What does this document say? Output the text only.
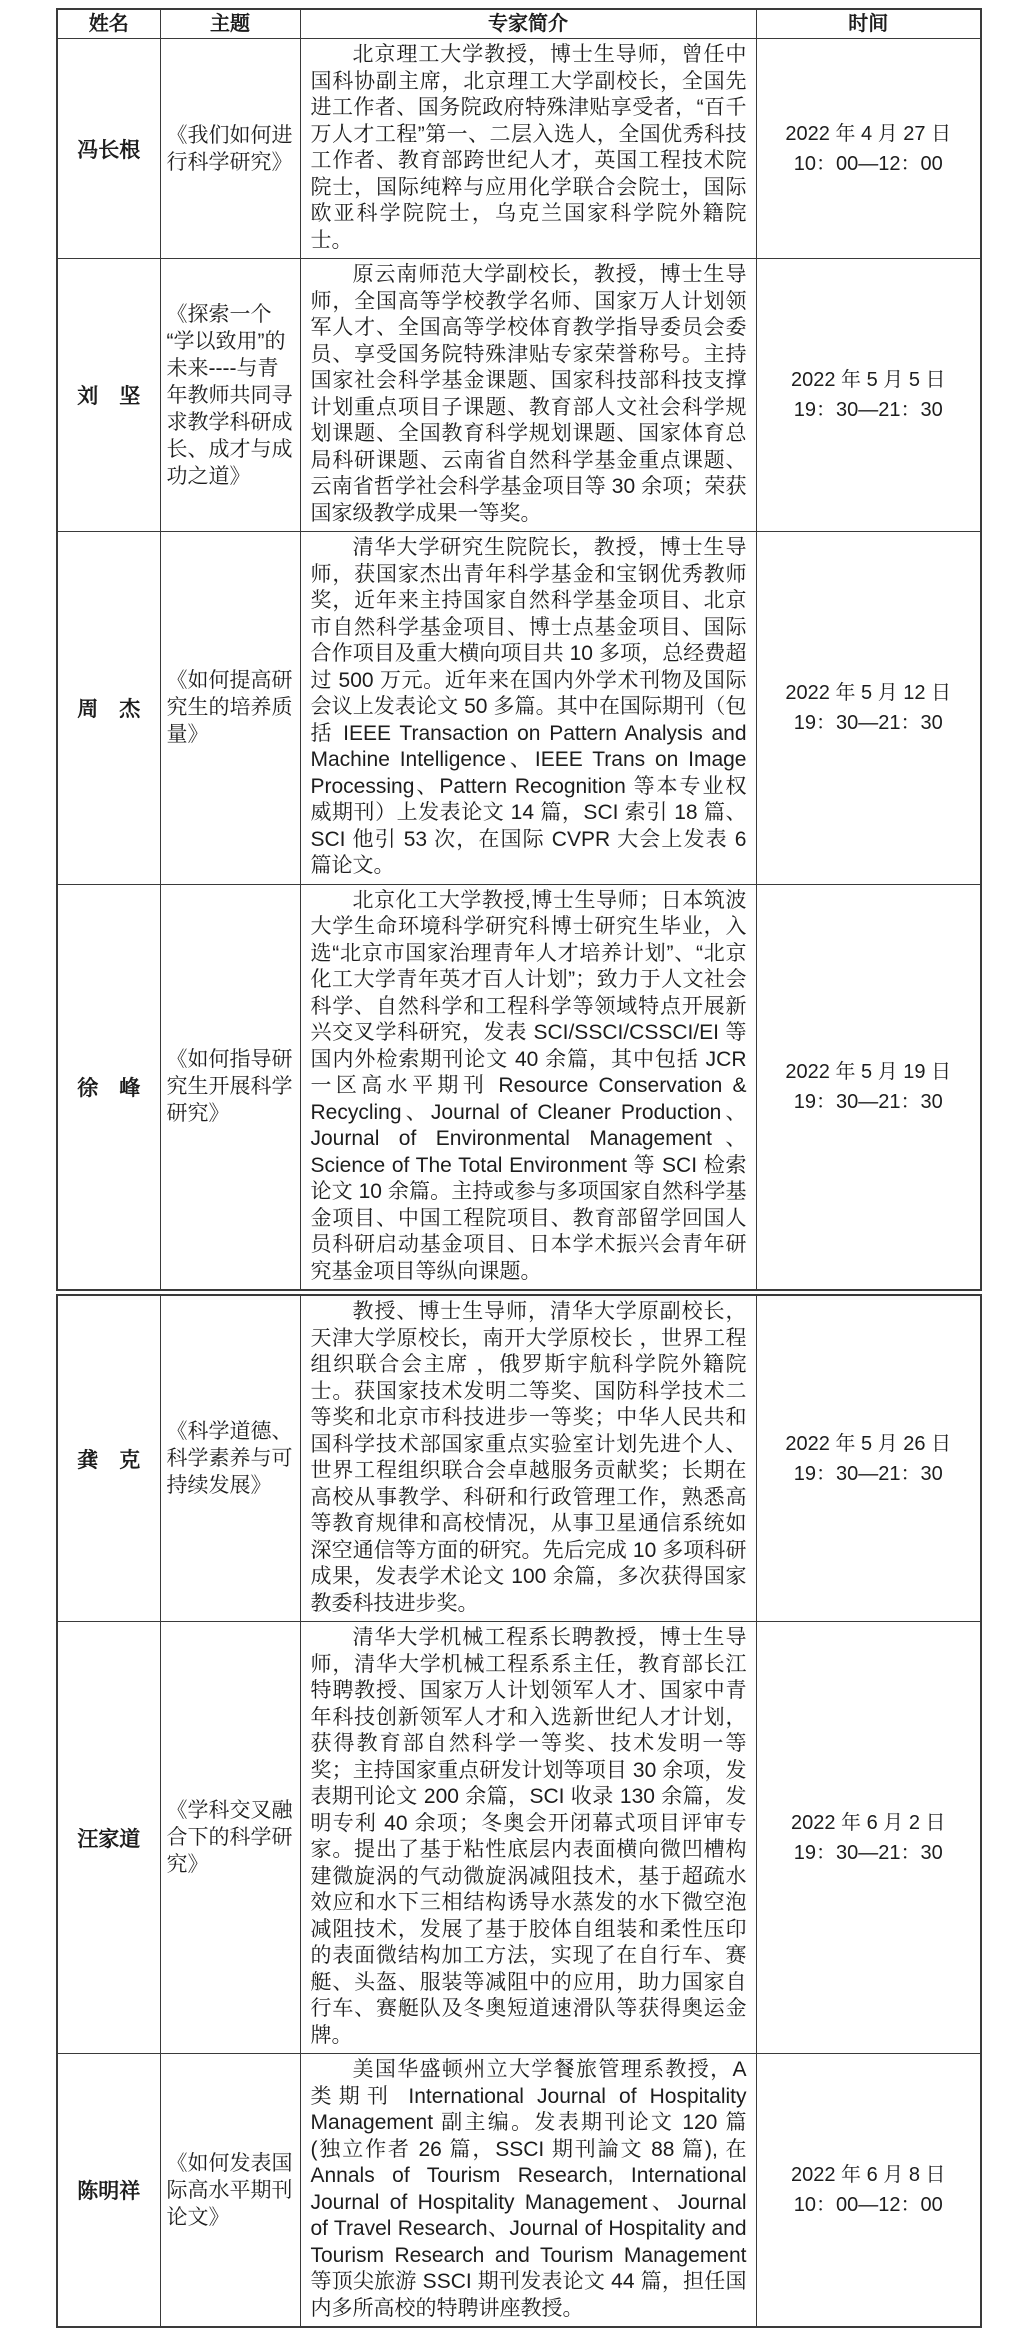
姓名	主题	专家简介	时间
冯长根	《我们如何进行科学研究》	北京理工大学教授，博士生导师，曾任中国科协副主席，北京理工大学副校长，全国先进工作者、国务院政府特殊津贴享受者，“百千万人才工程”第一、二层入选人，全国优秀科技工作者、教育部跨世纪人才，英国工程技术院院士，国际纯粹与应用化学联合会院士，国际欧亚科学院院士，乌克兰国家科学院外籍院士。	2022 年 4 月 27 日
10：00—12：00

刘　坚	《探索一个“学以致用”的未来----与青年教师共同寻求教学科研成长、成才与成功之道》	原云南师范大学副校长，教授，博士生导师，全国高等学校教学名师、国家万人计划领军人才、全国高等学校体育教学指导委员会委员、享受国务院特殊津贴专家荣誉称号。主持国家社会科学基金课题、国家科技部科技支撑计划重点项目子课题、教育部人文社会科学规划课题、全国教育科学规划课题、国家体育总局科研课题、云南省自然科学基金重点课题、云南省哲学社会科学基金项目等 30 余项；荣获国家级教学成果一等奖。	2022 年 5 月 5 日
19：30—21：30

周　杰	《如何提高研究生的培养质量》	清华大学研究生院院长，教授，博士生导师，获国家杰出青年科学基金和宝钢优秀教师奖，近年来主持国家自然科学基金项目、北京市自然科学基金项目、博士点基金项目、国际合作项目及重大横向项目共 10 多项，总经费超过 500 万元。近年来在国内外学术刊物及国际会议上发表论文 50 多篇。其中在国际期刊（包括 IEEE Transaction on Pattern Analysis and Machine Intelligence、IEEE Trans on Image Processing、Pattern Recognition 等本专业权威期刊）上发表论文 14 篇，SCI 索引 18 篇、SCI 他引 53 次，在国际 CVPR 大会上发表 6 篇论文。	2022 年 5 月 12 日
19：30—21：30

徐　峰	《如何指导研究生开展科学研究》	北京化工大学教授,博士生导师；日本筑波大学生命环境科学研究科博士研究生毕业，入选“北京市国家治理青年人才培养计划”、“北京化工大学青年英才百人计划”；致力于人文社会科学、自然科学和工程科学等领域特点开展新兴交叉学科研究，发表 SCI/SSCI/CSSCI/EI 等国内外检索期刊论文 40 余篇，其中包括 JCR 一区高水平期刊 Resource Conservation & Recycling、Journal of Cleaner Production、Journal of Environmental Management、Science of The Total Environment 等 SCI 检索论文 10 余篇。主持或参与多项国家自然科学基金项目、中国工程院项目、教育部留学回国人员科研启动基金项目、日本学术振兴会青年研究基金项目等纵向课题。	2022 年 5 月 19 日
19：30—21：30

龚　克	《科学道德、科学素养与可持续发展》	教授、博士生导师，清华大学原副校长，天津大学原校长，南开大学原校长 ，世界工程组织联合会主席 ，俄罗斯宇航科学院外籍院士。获国家技术发明二等奖、国防科学技术二等奖和北京市科技进步一等奖；中华人民共和国科学技术部国家重点实验室计划先进个人、世界工程组织联合会卓越服务贡献奖；长期在高校从事教学、科研和行政管理工作，熟悉高等教育规律和高校情况，从事卫星通信系统如深空通信等方面的研究。先后完成 10 多项科研成果，发表学术论文 100 余篇，多次获得国家教委科技进步奖。	2022 年 5 月 26 日
19：30—21：30

汪家道	《学科交叉融合下的科学研究》	清华大学机械工程系长聘教授，博士生导师，清华大学机械工程系系主任，教育部长江特聘教授、国家万人计划领军人才、国家中青年科技创新领军人才和入选新世纪人才计划，获得教育部自然科学一等奖、技术发明一等奖；主持国家重点研发计划等项目 30 余项，发表期刊论文 200 余篇，SCI 收录 130 余篇，发明专利 40 余项；冬奥会开闭幕式项目评审专家。提出了基于粘性底层内表面横向微凹槽构建微旋涡的气动微旋涡减阻技术，基于超疏水效应和水下三相结构诱导水蒸发的水下微空泡减阻技术，发展了基于胶体自组装和柔性压印的表面微结构加工方法，实现了在自行车、赛艇、头盔、服装等减阻中的应用，助力国家自行车、赛艇队及冬奥短道速滑队等获得奥运金牌。	2022 年 6 月 2 日
19：30—21：30

陈明祥	《如何发表国际高水平期刊论文》	美国华盛顿州立大学餐旅管理系教授，A 类期刊 International Journal of Hospitality Management 副主编。发表期刊论文 120 篇 (独立作者 26 篇，SSCI 期刊論文 88 篇), 在 Annals of Tourism Research, International Journal of Hospitality Management、Journal of Travel Research、Journal of Hospitality and Tourism Research and Tourism Management 等顶尖旅游 SSCI 期刊发表论文 44 篇，担任国内多所高校的特聘讲座教授。	2022 年 6 月 8 日
10：00—12：00
